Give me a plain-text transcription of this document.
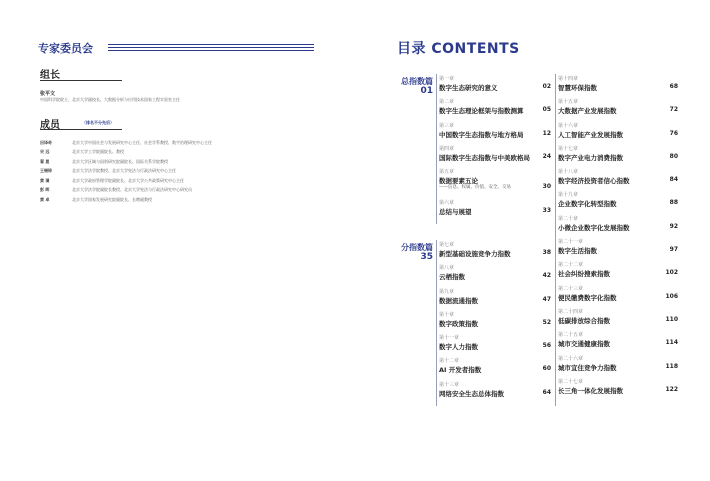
专家委员会
组长
张平文
中国科学院院士，北京大学副校长、大数据分析与应用技术国家工程实验室主任
成员	（排名不分先后）
田译奇	北京大学中国社会与发展研究中心主任、社会学系教授、数字治理研究中心主任
宋 远	北京大学工学院副院长、教授
翟 崑	北京大学区域与国别研究院副院长、国际关系学院教授
王锡锌	北京大学法学院教授、北京大学宪法与行政法研究中心主任
黄 璜	北京大学政府管理学院副院长、北京大学公共政策研究中心主任
彭 晖	北京大学法学院副院长教授、北京大学宪法与行政法研究中心研究员
黄 卓	北京大学国家发展研究院副院长、长聘副教授
目录 CONTENTS
总指数篇
01
分指数篇
35
第一章
数字生态研究的意义	02
第二章
数字生态理论框架与指数测算	05
第三章
中国数字生态指数与地方格局	12
第四章
国际数字生态指数与中美欧格局 24
第五章
数据要素五论
——信息、权属、价值、安全、交易	30
第六章
总结与展望	33
第七章
新型基础设施竞争力指数	38
第八章
云栖指数	42
第九章
数据流通指数	47
第十章
数字政策指数	52
第十一章
数字人力指数	56
第十二章
AI 开发者指数	60
第十三章
网络安全生态总体指数	64
第十四章
智慧环保指数	68
第十五章
大数据产业发展指数	72
第十六章
人工智能产业发展指数	76
第十七章
数字产业电力消费指数	80
第十八章
数字经济投资者信心指数	84
第十九章
企业数字化转型指数	88
第二十章
小微企业数字化发展指数	92
第二十一章
数字生活指数	97
第二十二章
社会纠纷搜索指数	102
第二十三章
便民缴费数字化指数	106
第二十四章
低碳排放综合指数	110
第二十五章
城市交通健康指数	114
第二十六章
城市宜住竞争力指数	118
第二十七章
长三角一体化发展指数	122
